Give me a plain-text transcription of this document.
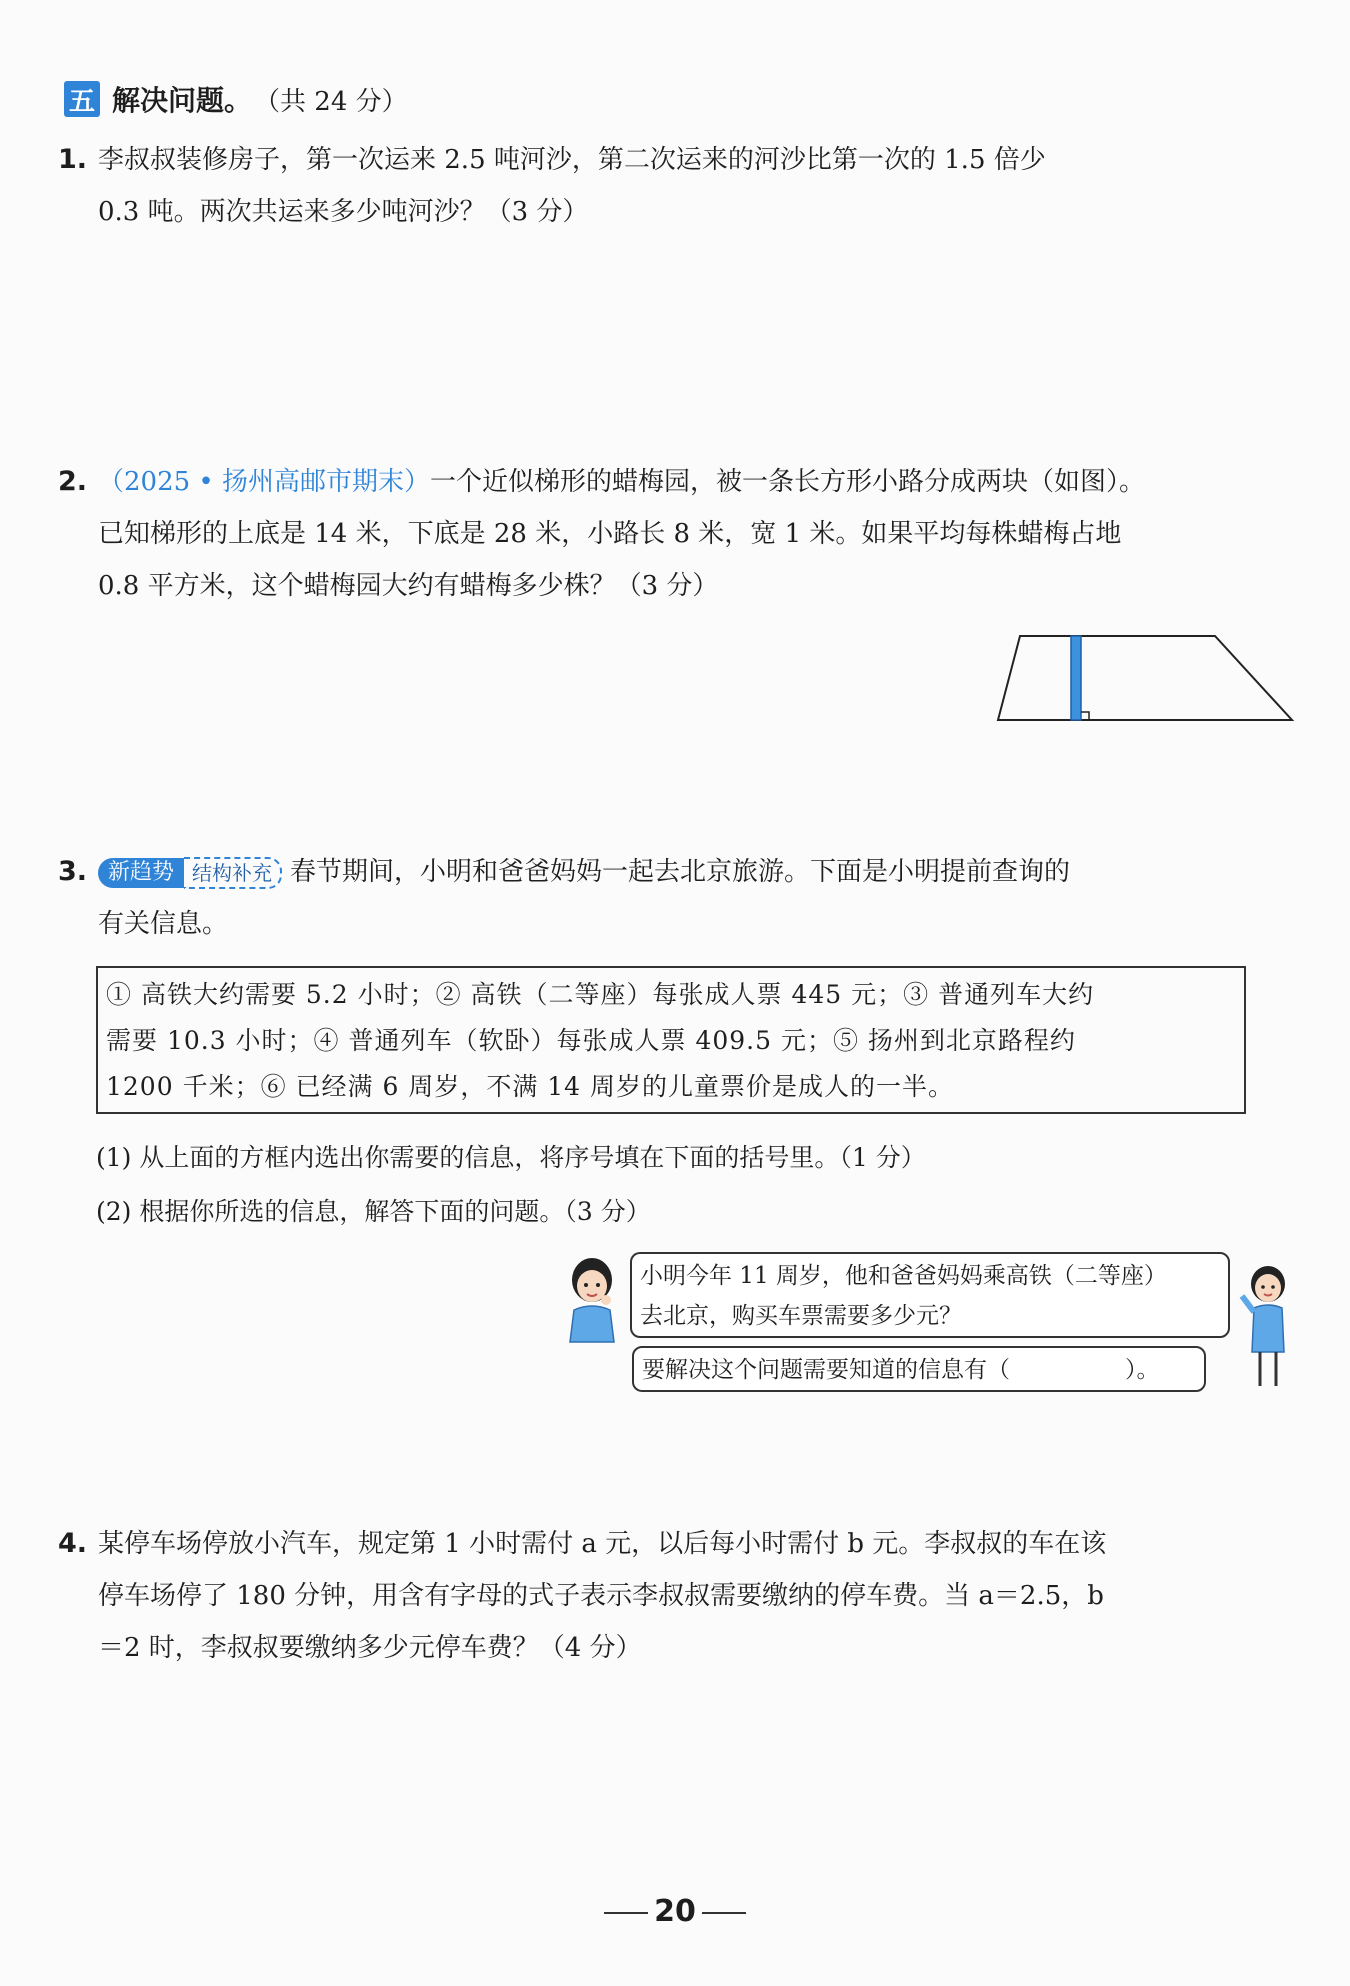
五 解决问题。 （共 24 分）
1. 李叔叔装修房子，第一次运来 2.5 吨河沙，第二次运来的河沙比第一次的 1.5 倍少
0.3 吨。两次共运来多少吨河沙？（3 分）
2. （2025 • 扬州高邮市期末）一个近似梯形的蜡梅园，被一条长方形小路分成两块（如图）。
已知梯形的上底是 14 米，下底是 28 米，小路长 8 米，宽 1 米。如果平均每株蜡梅占地
0.8 平方米，这个蜡梅园大约有蜡梅多少株？（3 分）
3. 新趋势 结构补充 春节期间，小明和爸爸妈妈一起去北京旅游。下面是小明提前查询的
有关信息。
① 高铁大约需要 5.2 小时；② 高铁（二等座）每张成人票 445 元；③ 普通列车大约
需要 10.3 小时；④ 普通列车（软卧）每张成人票 409.5 元；⑤ 扬州到北京路程约
1200 千米；⑥ 已经满 6 周岁，不满 14 周岁的儿童票价是成人的一半。
(1) 从上面的方框内选出你需要的信息，将序号填在下面的括号里。（1 分）
(2) 根据你所选的信息，解答下面的问题。（3 分）
小明今年 11 周岁，他和爸爸妈妈乘高铁（二等座）
去北京，购买车票需要多少元？
要解决这个问题需要知道的信息有（　　　　　）。
4. 某停车场停放小汽车，规定第 1 小时需付 a 元，以后每小时需付 b 元。李叔叔的车在该
停车场停了 180 分钟，用含有字母的式子表示李叔叔需要缴纳的停车费。当 a＝2.5，b
＝2 时，李叔叔要缴纳多少元停车费？（4 分）
20
